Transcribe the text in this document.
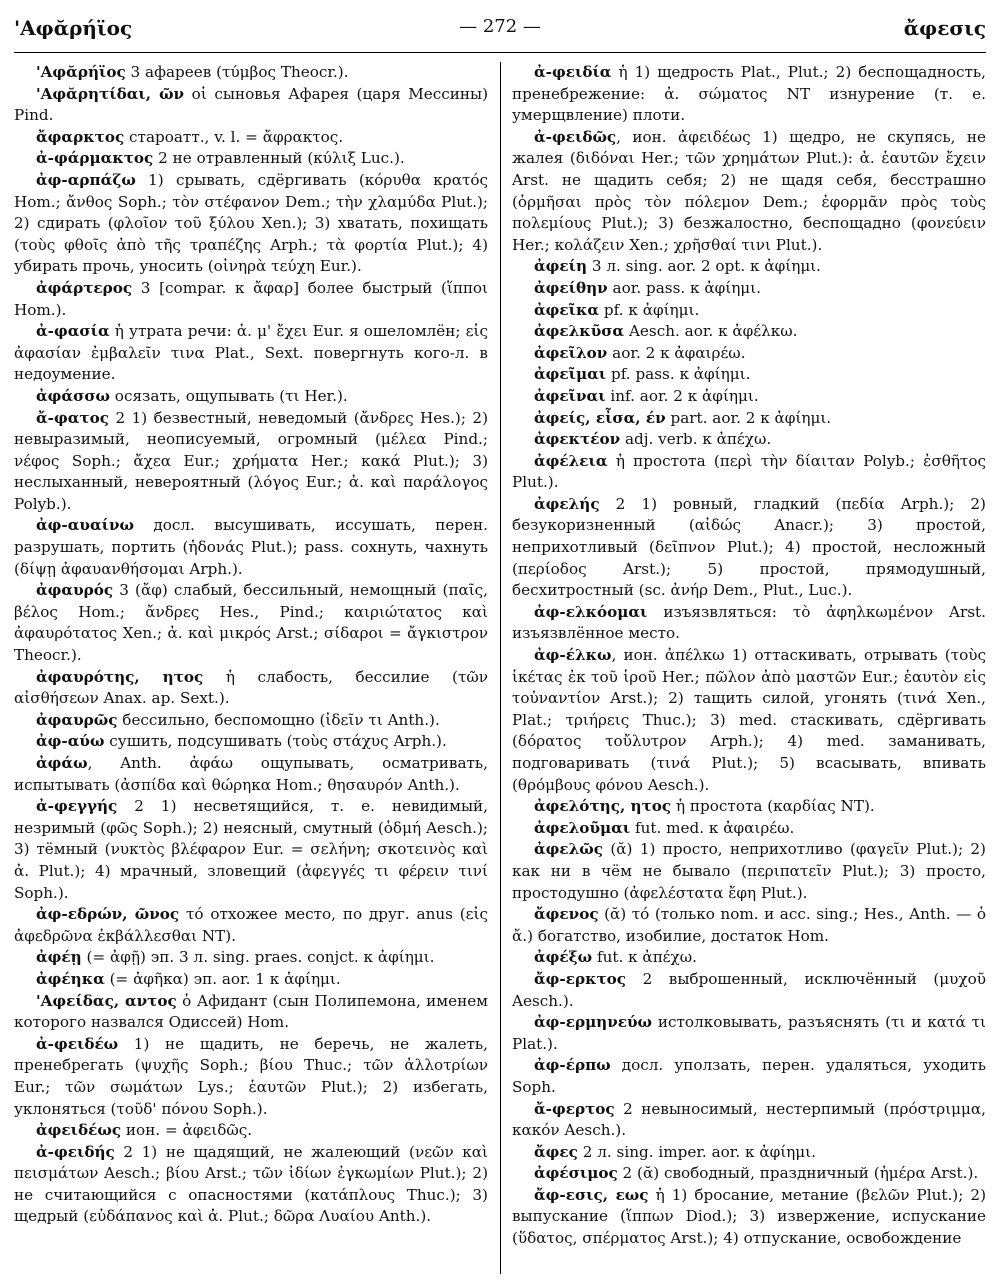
'Αφᾰρήϊος	— 272 —	ἄφεσις

'Αφᾰρήϊος 3 афареев (τύμβος Theocr.).

'Αφᾰρητίδαι, ῶν οἱ сыновья Афарея (царя Мессины) Pind.

ἄφαρκτος староатт., v. l. = ἄφρακτος.

ἀ-φάρμακτος 2 не отравленный (κύλιξ Luc.).

ἀφ-αρπάζω 1) срывать, сдёргивать (κόρυθα κρατός Hom.; ἄνθος Soph.; τὸν στέφανον Dem.; τὴν χλαμύδα Plut.); 2) сдирать (φλοῖον τοῦ ξύλου Xen.); 3) хватать, похищать (τοὺς φθοῖς ἀπὸ τῆς τραπέζης Arph.; τὰ φορτία Plut.); 4) убирать прочь, уносить (οἰνηρὰ τεύχη Eur.).

ἀφάρτερος 3 [compar. к ἄφαρ] более быстрый (ἵπποι Hom.).

ἀ-φασία ἡ утрата речи: ἀ. μ' ἔχει Eur. я ошеломлён; εἰς ἀφασίαν ἐμβαλεῖν τινα Plat., Sext. повергнуть кого-л. в недоумение.

ἀφάσσω осязать, ощупывать (τι Her.).

ἄ-φατος 2 1) безвестный, неведомый (ἄνδρες Hes.); 2) невыразимый, неописуемый, огромный (μέλεα Pind.; νέφος Soph.; ἄχεα Eur.; χρήματα Her.; κακά Plut.); 3) неслыханный, невероятный (λόγος Eur.; ἀ. καὶ παράλογος Polyb.).

ἀφ-αυαίνω досл. высушивать, иссушать, перен. разрушать, портить (ἡδονάς Plut.); pass. сохнуть, чахнуть (δίψῃ ἀφαυανθήσομαι Arph.).

ἀφαυρός 3 (ἄφ) слабый, бессильный, немощный (παῖς, βέλος Hom.; ἄνδρες Hes., Pind.; καιριώτατος καὶ ἀφαυρότατος Xen.; ἀ. καὶ μικρός Arst.; σίδαροι = ἄγκιστρον Theocr.).

ἀφαυρότης, ητος ἡ слабость, бессилие (τῶν αἰσθήσεων Anax. ap. Sext.).

ἀφαυρῶς бессильно, беспомощно (ἰδεῖν τι Anth.).

ἀφ-αύω сушить, подсушивать (τοὺς στάχυς Arph.).

ἀφάω, Anth. ἀφάω ощупывать, осматривать, испытывать (ἀσπίδα καὶ θώρηκα Hom.; θησαυρόν Anth.).

ἀ-φεγγής 2 1) несветящийся, т. е. невидимый, незримый (φῶς Soph.); 2) неясный, смутный (ὀδμή Aesch.); 3) тёмный (νυκτὸς βλέφαρον Eur. = σελήνη; σκοτεινὸς καὶ ἀ. Plut.); 4) мрачный, зловещий (ἀφεγγές τι φέρειν τινί Soph.).

ἀφ-εδρών, ῶνος τό отхожее место, по друг. anus (εἰς ἀφεδρῶνα ἐκβάλλεσθαι NT).

ἀφέῃ (= ἀφῇ) эп. 3 л. sing. praes. conjct. к ἀφίημι.

ἀφέηκα (= ἀφῆκα) эп. aor. 1 к ἀφίημι.

'Αφείδας, αντος ὁ Афидант (сын Полипемона, именем которого назвался Одиссей) Hom.

ἀ-φειδέω 1) не щадить, не беречь, не жалеть, пренебрегать (ψυχῆς Soph.; βίου Thuc.; τῶν ἀλλοτρίων Eur.; τῶν σωμάτων Lys.; ἑαυτῶν Plut.); 2) избегать, уклоняться (τοῦδ' πόνου Soph.).

ἀφειδέως ион. = ἀφειδῶς.

ἀ-φειδής 2 1) не щадящий, не жалеющий (νεῶν καὶ πεισμάτων Aesch.; βίου Arst.; τῶν ἰδίων ἐγκωμίων Plut.); 2) не считающийся с опасностями (κατάπλους Thuc.); 3) щедрый (εὐδάπανος καὶ ἀ. Plut.; δῶρα Λυαίου Anth.).

ἀ-φειδία ἡ 1) щедрость Plat., Plut.; 2) беспощадность, пренебрежение: ἀ. σώματος NT изнурение (т. е. умерщвление) плоти.

ἀ-φειδῶς, ион. ἀφειδέως 1) щедро, не скупясь, не жалея (διδόναι Her.; τῶν χρημάτων Plut.): ἀ. ἑαυτῶν ἔχειν Arst. не щадить себя; 2) не щадя себя, бесстрашно (ὁρμῆσαι πρὸς τὸν πόλεμον Dem.; ἐφορμᾶν πρὸς τοὺς πολεμίους Plut.); 3) безжалостно, беспощадно (φονεύειν Her.; κολάζειν Xen.; χρῆσθαί τινι Plut.).

ἀφείη 3 л. sing. aor. 2 opt. к ἀφίημι.

ἀφείθην aor. pass. к ἀφίημι.

ἀφεῖκα pf. к ἀφίημι.

ἀφελκῦσα Aesch. aor. к ἀφέλκω.

ἀφεῖλον aor. 2 к ἀφαιρέω.

ἀφεῖμαι pf. pass. к ἀφίημι.

ἀφεῖναι inf. aor. 2 к ἀφίημι.

ἀφείς, εἶσα, έν part. aor. 2 к ἀφίημι.

ἀφεκτέον adj. verb. к ἀπέχω.

ἀφέλεια ἡ простота (περὶ τὴν δίαιταν Polyb.; ἐσθῆτος Plut.).

ἀφελής 2 1) ровный, гладкий (πεδία Arph.); 2) безукоризненный (αἰδώς Anacr.); 3) простой, неприхотливый (δεῖπνον Plut.); 4) простой, несложный (περίοδος Arst.); 5) простой, прямодушный, бесхитростный (sc. ἀνήρ Dem., Plut., Luc.).

ἀφ-ελκόομαι изъязвляться: τὸ ἀφηλκωμένον Arst. изъязвлённое место.

ἀφ-έλκω, ион. ἀπέλκω 1) оттаскивать, отрывать (τοὺς ἱκέτας ἐκ τοῦ ἱροῦ Her.; πῶλον ἀπὸ μαστῶν Eur.; ἑαυτὸν εἰς τοὐναντίον Arst.); 2) тащить силой, угонять (τινά Xen., Plat.; τριήρεις Thuc.); 3) med. стаскивать, сдёргивать (δόρατος τοὔλυτρον Arph.); 4) med. заманивать, подговаривать (τινά Plut.); 5) всасывать, впивать (θρόμβους φόνου Aesch.).

ἀφελότης, ητος ἡ простота (καρδίας NT).

ἀφελοῦμαι fut. med. к ἀφαιρέω.

ἀφελῶς (ᾰ) 1) просто, неприхотливо (φαγεῖν Plut.); 2) как ни в чём не бывало (περιπατεῖν Plut.); 3) просто, простодушно (ἀφελέστατα ἔφη Plut.).

ἄφενος (ᾰ) τό (только nom. и acc. sing.; Hes., Anth. — ὁ ἄ.) богатство, изобилие, достаток Hom.

ἀφέξω fut. к ἀπέχω.

ἄφ-ερκτος 2 выброшенный, исключённый (μυχοῦ Aesch.).

ἀφ-ερμηνεύω истолковывать, разъяснять (τι и κατά τι Plat.).

ἀφ-έρπω досл. уползать, перен. удаляться, уходить Soph.

ἄ-φερτος 2 невыносимый, нестерпимый (πρόστριμμα, κακόν Aesch.).

ἄφες 2 л. sing. imper. aor. к ἀφίημι.

ἀφέσιμος 2 (ᾰ) свободный, праздничный (ἡμέρα Arst.).

ἄφ-εσις, εως ἡ 1) бросание, метание (βελῶν Plut.); 2) выпускание (ἵππων Diod.); 3) извержение, испускание (ὕδατος, σπέρματος Arst.); 4) отпускание, освобождение
